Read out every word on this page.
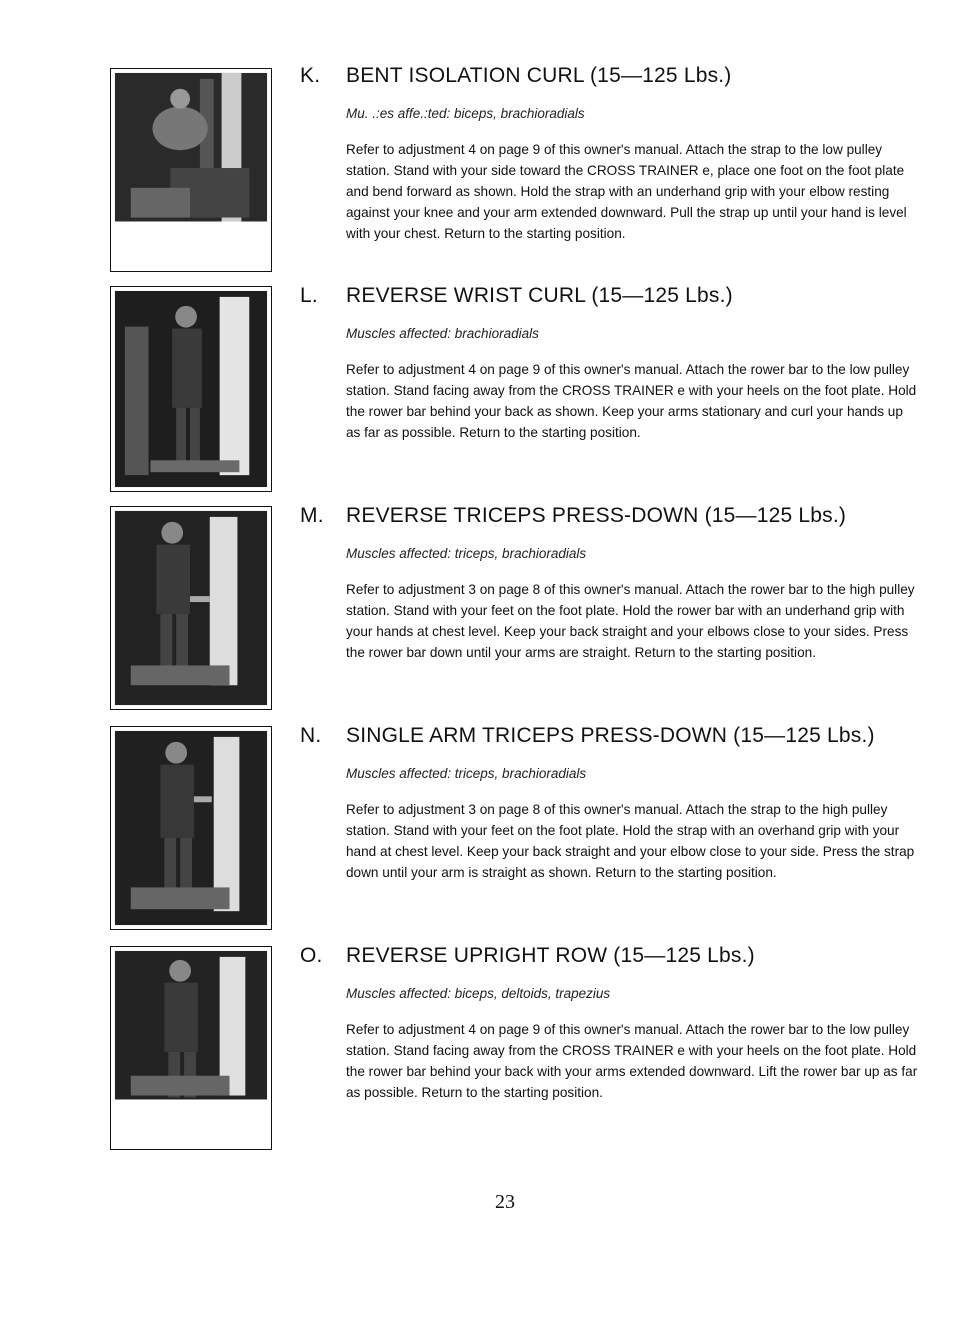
K. BENT ISOLATION CURL (15—125 Lbs.)
Mu. .:es affe.:ted: biceps, brachioradials
Refer to adjustment 4 on page 9 of this owner's manual. Attach the strap to the low pulley station. Stand with your side toward the CROSS TRAINER e, place one foot on the foot plate and bend forward as shown. Hold the strap with an underhand grip with your elbow resting against your knee and your arm extended downward. Pull the strap up until your hand is level with your chest. Return to the starting position.
L. REVERSE WRIST CURL (15—125 Lbs.)
Muscles affected: brachioradials
Refer to adjustment 4 on page 9 of this owner's manual. Attach the rower bar to the low pulley station. Stand facing away from the CROSS TRAINER e with your heels on the foot plate. Hold the rower bar behind your back as shown. Keep your arms stationary and curl your hands up as far as possible. Return to the starting position.
M. REVERSE TRICEPS PRESS-DOWN (15—125 Lbs.)
Muscles affected: triceps, brachioradials
Refer to adjustment 3 on page 8 of this owner's manual. Attach the rower bar to the high pulley station. Stand with your feet on the foot plate. Hold the rower bar with an underhand grip with your hands at chest level. Keep your back straight and your elbows close to your sides. Press the rower bar down until your arms are straight. Return to the starting position.
N. SINGLE ARM TRICEPS PRESS-DOWN (15—125 Lbs.)
Muscles affected: triceps, brachioradials
Refer to adjustment 3 on page 8 of this owner's manual. Attach the strap to the high pulley station. Stand with your feet on the foot plate. Hold the strap with an overhand grip with your hand at chest level. Keep your back straight and your elbow close to your side. Press the strap down until your arm is straight as shown. Return to the starting position.
O. REVERSE UPRIGHT ROW (15—125 Lbs.)
Muscles affected: biceps, deltoids, trapezius
Refer to adjustment 4 on page 9 of this owner's manual. Attach the rower bar to the low pulley station. Stand facing away from the CROSS TRAINER e with your heels on the foot plate. Hold the rower bar behind your back with your arms extended downward. Lift the rower bar up as far as possible. Return to the starting position.
23
